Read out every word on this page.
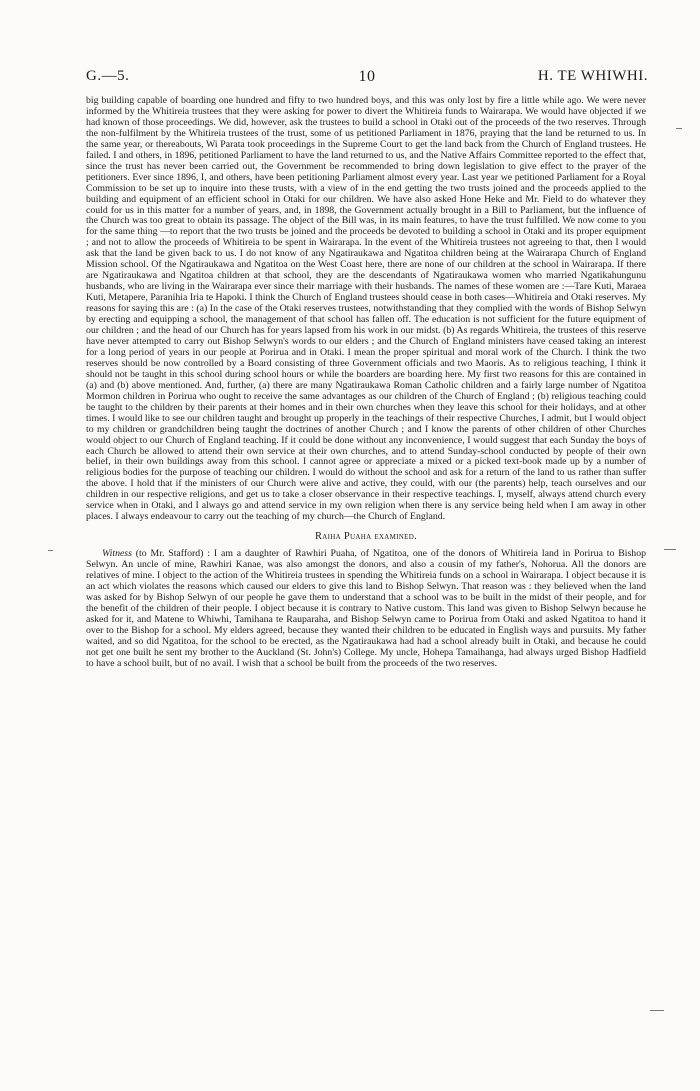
G.—5.	10	H. TE WHIWHI.

big building capable of boarding one hundred and fifty to two hundred boys, and this was only lost by fire a little while ago. We were never informed by the Whitireia trustees that they were asking for power to divert the Whitireia funds to Wairarapa. We would have objected if we had known of those proceedings. We did, however, ask the trustees to build a school in Otaki out of the proceeds of the two reserves. Through the non-fulfilment by the Whitireia trustees of the trust, some of us petitioned Parliament in 1876, praying that the land be returned to us. In the same year, or thereabouts, Wi Parata took proceedings in the Supreme Court to get the land back from the Church of England trustees. He failed. I and others, in 1896, petitioned Parliament to have the land returned to us, and the Native Affairs Committee reported to the effect that, since the trust has never been carried out, the Government be recommended to bring down legislation to give effect to the prayer of the petitioners. Ever since 1896, I, and others, have been petitioning Parliament almost every year. Last year we petitioned Parliament for a Royal Commission to be set up to inquire into these trusts, with a view of in the end getting the two trusts joined and the proceeds applied to the building and equipment of an efficient school in Otaki for our children. We have also asked Hone Heke and Mr. Field to do whatever they could for us in this matter for a number of years, and, in 1898, the Government actually brought in a Bill to Parliament, but the influence of the Church was too great to obtain its passage. The object of the Bill was, in its main features, to have the trust fulfilled. We now come to you for the same thing —to report that the two trusts be joined and the proceeds be devoted to building a school in Otaki and its proper equipment ; and not to allow the proceeds of Whitireia to be spent in Wairarapa. In the event of the Whitireia trustees not agreeing to that, then I would ask that the land be given back to us. I do not know of any Ngatiraukawa and Ngatitoa children being at the Wairarapa Church of England Mission school. Of the Ngatiraukawa and Ngatitoa on the West Coast here, there are none of our children at the school in Wairarapa. If there are Ngatiraukawa and Ngatitoa children at that school, they are the descendants of Ngatiraukawa women who married Ngatikahungunu husbands, who are living in the Wairarapa ever since their marriage with their husbands. The names of these women are :—Tare Kuti, Maraea Kuti, Metapere, Paranihia Iria te Hapoki. I think the Church of England trustees should cease in both cases—Whitireia and Otaki reserves. My reasons for saying this are : (a) In the case of the Otaki reserves trustees, notwithstanding that they complied with the words of Bishop Selwyn by erecting and equipping a school, the management of that school has fallen off. The education is not sufficient for the future equipment of our children ; and the head of our Church has for years lapsed from his work in our midst. (b) As regards Whitireia, the trustees of this reserve have never attempted to carry out Bishop Selwyn's words to our elders ; and the Church of England ministers have ceased taking an interest for a long period of years in our people at Porirua and in Otaki. I mean the proper spiritual and moral work of the Church. I think the two reserves should be now controlled by a Board consisting of three Government officials and two Maoris. As to religious teaching, I think it should not be taught in this school during school hours or while the boarders are boarding here. My first two reasons for this are contained in (a) and (b) above mentioned. And, further, (a) there are many Ngatiraukawa Roman Catholic children and a fairly large number of Ngatitoa Mormon children in Porirua who ought to receive the same advantages as our children of the Church of England ; (b) religious teaching could be taught to the children by their parents at their homes and in their own churches when they leave this school for their holidays, and at other times. I would like to see our children taught and brought up properly in the teachings of their respective Churches, I admit, but I would object to my children or grandchildren being taught the doctrines of another Church ; and I know the parents of other children of other Churches would object to our Church of England teaching. If it could be done without any inconvenience, I would suggest that each Sunday the boys of each Church be allowed to attend their own service at their own churches, and to attend Sunday-school conducted by people of their own belief, in their own buildings away from this school. I cannot agree or appreciate a mixed or a picked text-book made up by a number of religious bodies for the purpose of teaching our children. I would do without the school and ask for a return of the land to us rather than suffer the above. I hold that if the ministers of our Church were alive and active, they could, with our (the parents) help, teach ourselves and our children in our respective religions, and get us to take a closer observance in their respective teachings. I, myself, always attend church every service when in Otaki, and I always go and attend service in my own religion when there is any service being held when I am away in other places. I always endeavour to carry out the teaching of my church—the Church of England.

Raiha Puaha examined.

Witness (to Mr. Stafford) : I am a daughter of Rawhiri Puaha, of Ngatitoa, one of the donors of Whitireia land in Porirua to Bishop Selwyn. An uncle of mine, Rawhiri Kanae, was also amongst the donors, and also a cousin of my father's, Nohorua. All the donors are relatives of mine. I object to the action of the Whitireia trustees in spending the Whitireia funds on a school in Wairarapa. I object because it is an act which violates the reasons which caused our elders to give this land to Bishop Selwyn. That reason was : they believed when the land was asked for by Bishop Selwyn of our people he gave them to understand that a school was to be built in the midst of their people, and for the benefit of the children of their people. I object because it is contrary to Native custom. This land was given to Bishop Selwyn because he asked for it, and Matene to Whiwhi, Tamihana te Rauparaha, and Bishop Selwyn came to Porirua from Otaki and asked Ngatitoa to hand it over to the Bishop for a school. My elders agreed, because they wanted their children to be educated in English ways and pursuits. My father waited, and so did Ngatitoa, for the school to be erected, as the Ngatiraukawa had had a school already built in Otaki, and because he could not get one built he sent my brother to the Auckland (St. John's) College. My uncle, Hohepa Tamaihanga, had always urged Bishop Hadfield to have a school built, but of no avail. I wish that a school be built from the proceeds of the two reserves.
